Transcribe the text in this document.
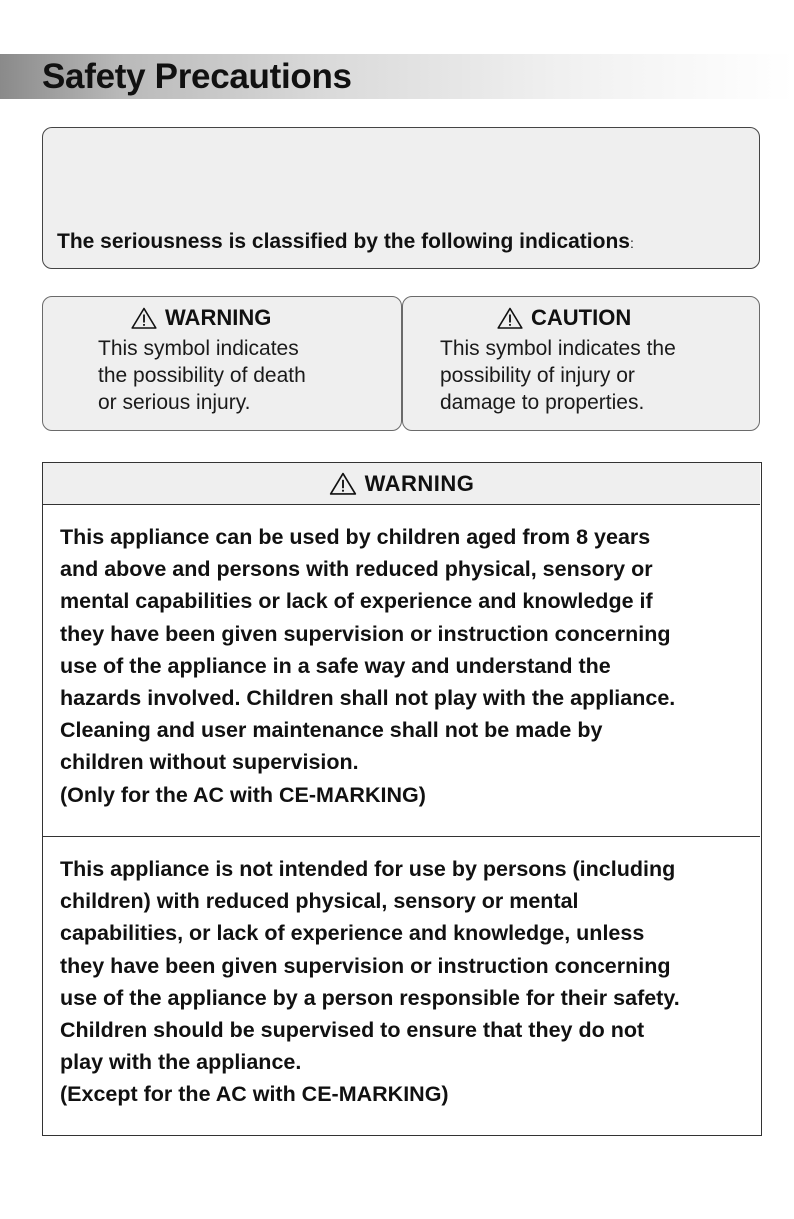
Safety Precautions
The seriousness is classified by the following indications:
WARNING
This symbol indicates
the possibility of death
or serious injury.
CAUTION
This symbol indicates the
possibility of injury or
damage to properties.
WARNING
This appliance can be used by children aged from 8 years
and above and persons with reduced physical, sensory or
mental capabilities or lack of experience and knowledge if
they have been given supervision or instruction concerning
use of the appliance in a safe way and understand the
hazards involved. Children shall not play with the appliance.
Cleaning and user maintenance shall not be made by
children without supervision.
(Only for the AC with CE-MARKING)
This appliance is not intended for use by persons (including
children) with reduced physical, sensory or mental
capabilities, or lack of experience and knowledge, unless
they have been given supervision or instruction concerning
use of the appliance by a person responsible for their safety.
Children should be supervised to ensure that they do not
play with the appliance.
(Except for the AC with CE-MARKING)
